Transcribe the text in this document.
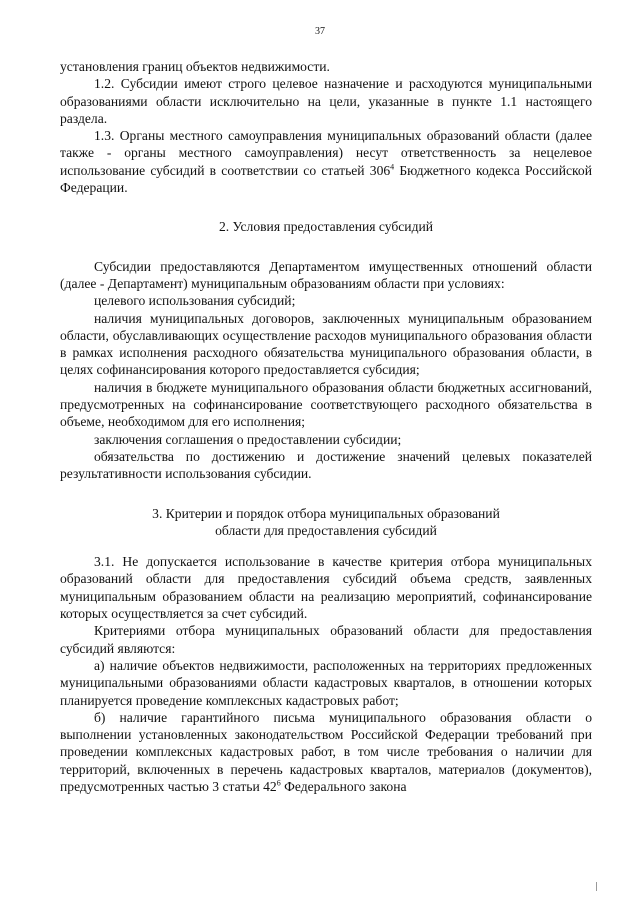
37

установления границ объектов недвижимости.

1.2. Субсидии имеют строго целевое назначение и расходуются муниципальными образованиями области исключительно на цели, указанные в пункте 1.1 настоящего раздела.

1.3. Органы местного самоуправления муниципальных образований области (далее также - органы местного самоуправления) несут ответственность за нецелевое использование субсидий в соответствии со статьей $306^4$ Бюджетного кодекса Российской Федерации.

2. Условия предоставления субсидий

Субсидии предоставляются Департаментом имущественных отношений области (далее - Департамент) муниципальным образованиям области при условиях:

целевого использования субсидий;

наличия муниципальных договоров, заключенных муниципальным образованием области, обуславливающих осуществление расходов муниципального образования области в рамках исполнения расходного обязательства муниципального образования области, в целях софинансирования которого предоставляется субсидия;

наличия в бюджете муниципального образования области бюджетных ассигнований, предусмотренных на софинансирование соответствующего расходного обязательства в объеме, необходимом для его исполнения;

заключения соглашения о предоставлении субсидии;

обязательства по достижению и достижение значений целевых показателей результативности использования субсидии.

3. Критерии и порядок отбора муниципальных образований
области для предоставления субсидий

3.1. Не допускается использование в качестве критерия отбора муниципальных образований области для предоставления субсидий объема средств, заявленных муниципальным образованием области на реализацию мероприятий, софинансирование которых осуществляется за счет субсидий.

Критериями отбора муниципальных образований области для предоставления субсидий являются:

а) наличие объектов недвижимости, расположенных на территориях предложенных муниципальными образованиями области кадастровых кварталов, в отношении которых планируется проведение комплексных кадастровых работ;

б) наличие гарантийного письма муниципального образования области о выполнении установленных законодательством Российской Федерации требований при проведении комплексных кадастровых работ, в том числе требования о наличии для территорий, включенных в перечень кадастровых кварталов, материалов (документов), предусмотренных частью 3 статьи $42^6$ Федерального закона
